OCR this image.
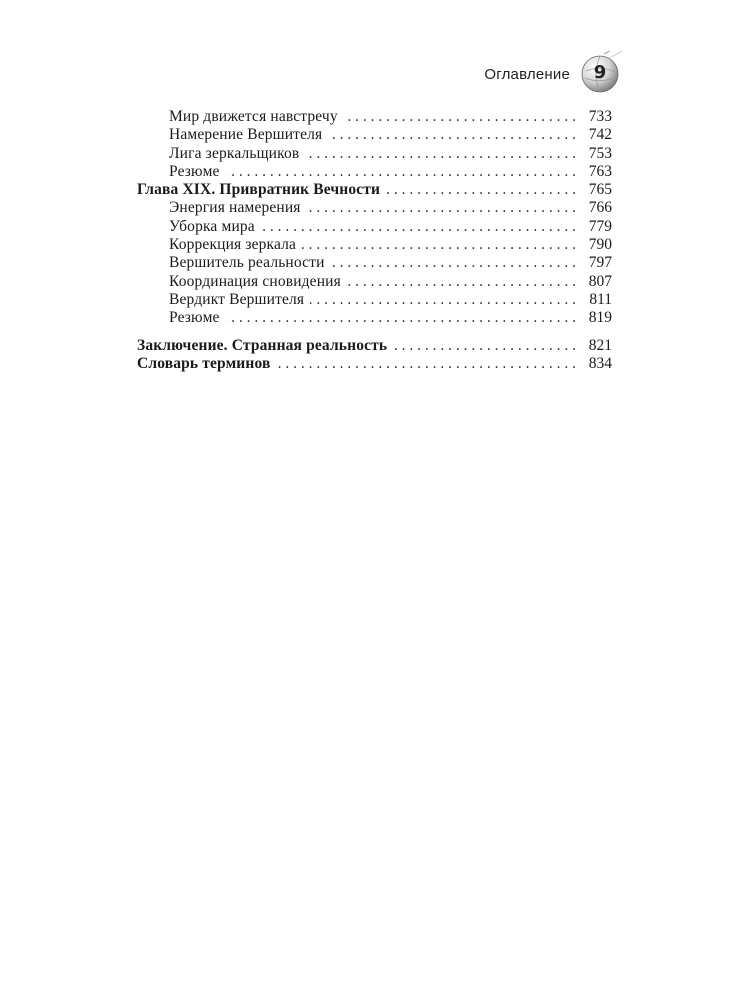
Оглавление	9
Мир движется навстречу . . .	733
Намерение Вершителя . . .	742
Лига зеркальщиков . . .	753
Резюме . . .	763
Глава XIX. Привратник Вечности . . .	765
Энергия намерения . . .	766
Уборка мира . . .	779
Коррекция зеркала . . .	790
Вершитель реальности . . .	797
Координация сновидения . . .	807
Вердикт Вершителя . . .	811
Резюме . . .	819
Заключение. Странная реальность . . .	821
Словарь терминов . . .	834
